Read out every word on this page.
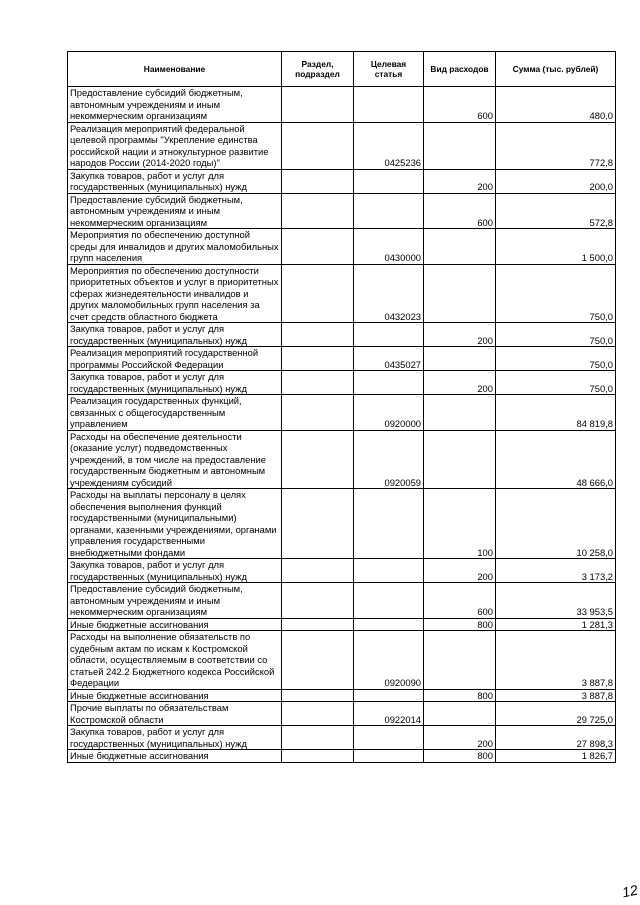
Наименование	Раздел, подраздел	Целевая статья	Вид расходов	Сумма (тыс. рублей)
Предоставление субсидий бюджетным, автономным учреждениям и иным некоммерческим организациям			600	480,0
Реализация мероприятий федеральной целевой программы "Укрепление единства российской нации и этнокультурное развитие народов России (2014-2020 годы)"		0425236		772,8
Закупка товаров, работ и услуг для государственных (муниципальных) нужд			200	200,0
Предоставление субсидий бюджетным, автономным учреждениям и иным некоммерческим организациям			600	572,8
Мероприятия по обеспечению доступной среды для инвалидов и других маломобильных групп населения		0430000		1 500,0
Мероприятия по обеспечению доступности приоритетных объектов и услуг в приоритетных сферах жизнедеятельности инвалидов и других маломобильных групп населения за счет средств областного бюджета		0432023		750,0
Закупка товаров, работ и услуг для государственных (муниципальных) нужд			200	750,0
Реализация мероприятий государственной программы Российской Федерации		0435027		750,0
Закупка товаров, работ и услуг для государственных (муниципальных) нужд			200	750,0
Реализация государственных функций, связанных с общегосударственным управлением		0920000		84 819,8
Расходы на обеспечение деятельности (оказание услуг) подведомственных учреждений, в том числе на предоставление государственным бюджетным и автономным учреждениям субсидий		0920059		48 666,0
Расходы на выплаты персоналу в целях обеспечения выполнения функций государственными (муниципальными) органами, казенными учреждениями, органами управления государственными внебюджетными фондами			100	10 258,0
Закупка товаров, работ и услуг для государственных (муниципальных) нужд			200	3 173,2
Предоставление субсидий бюджетным, автономным учреждениям и иным некоммерческим организациям			600	33 953,5
Иные бюджетные ассигнования			800	1 281,3
Расходы на выполнение обязательств по судебным актам по искам к Костромской области, осуществляемым в соответствии со статьей 242.2 Бюджетного кодекса Российской Федерации		0920090		3 887,8
Иные бюджетные ассигнования			800	3 887,8
Прочие выплаты по обязательствам Костромской области		0922014		29 725,0
Закупка товаров, работ и услуг для государственных (муниципальных) нужд			200	27 898,3
Иные бюджетные ассигнования			800	1 826,7
12
